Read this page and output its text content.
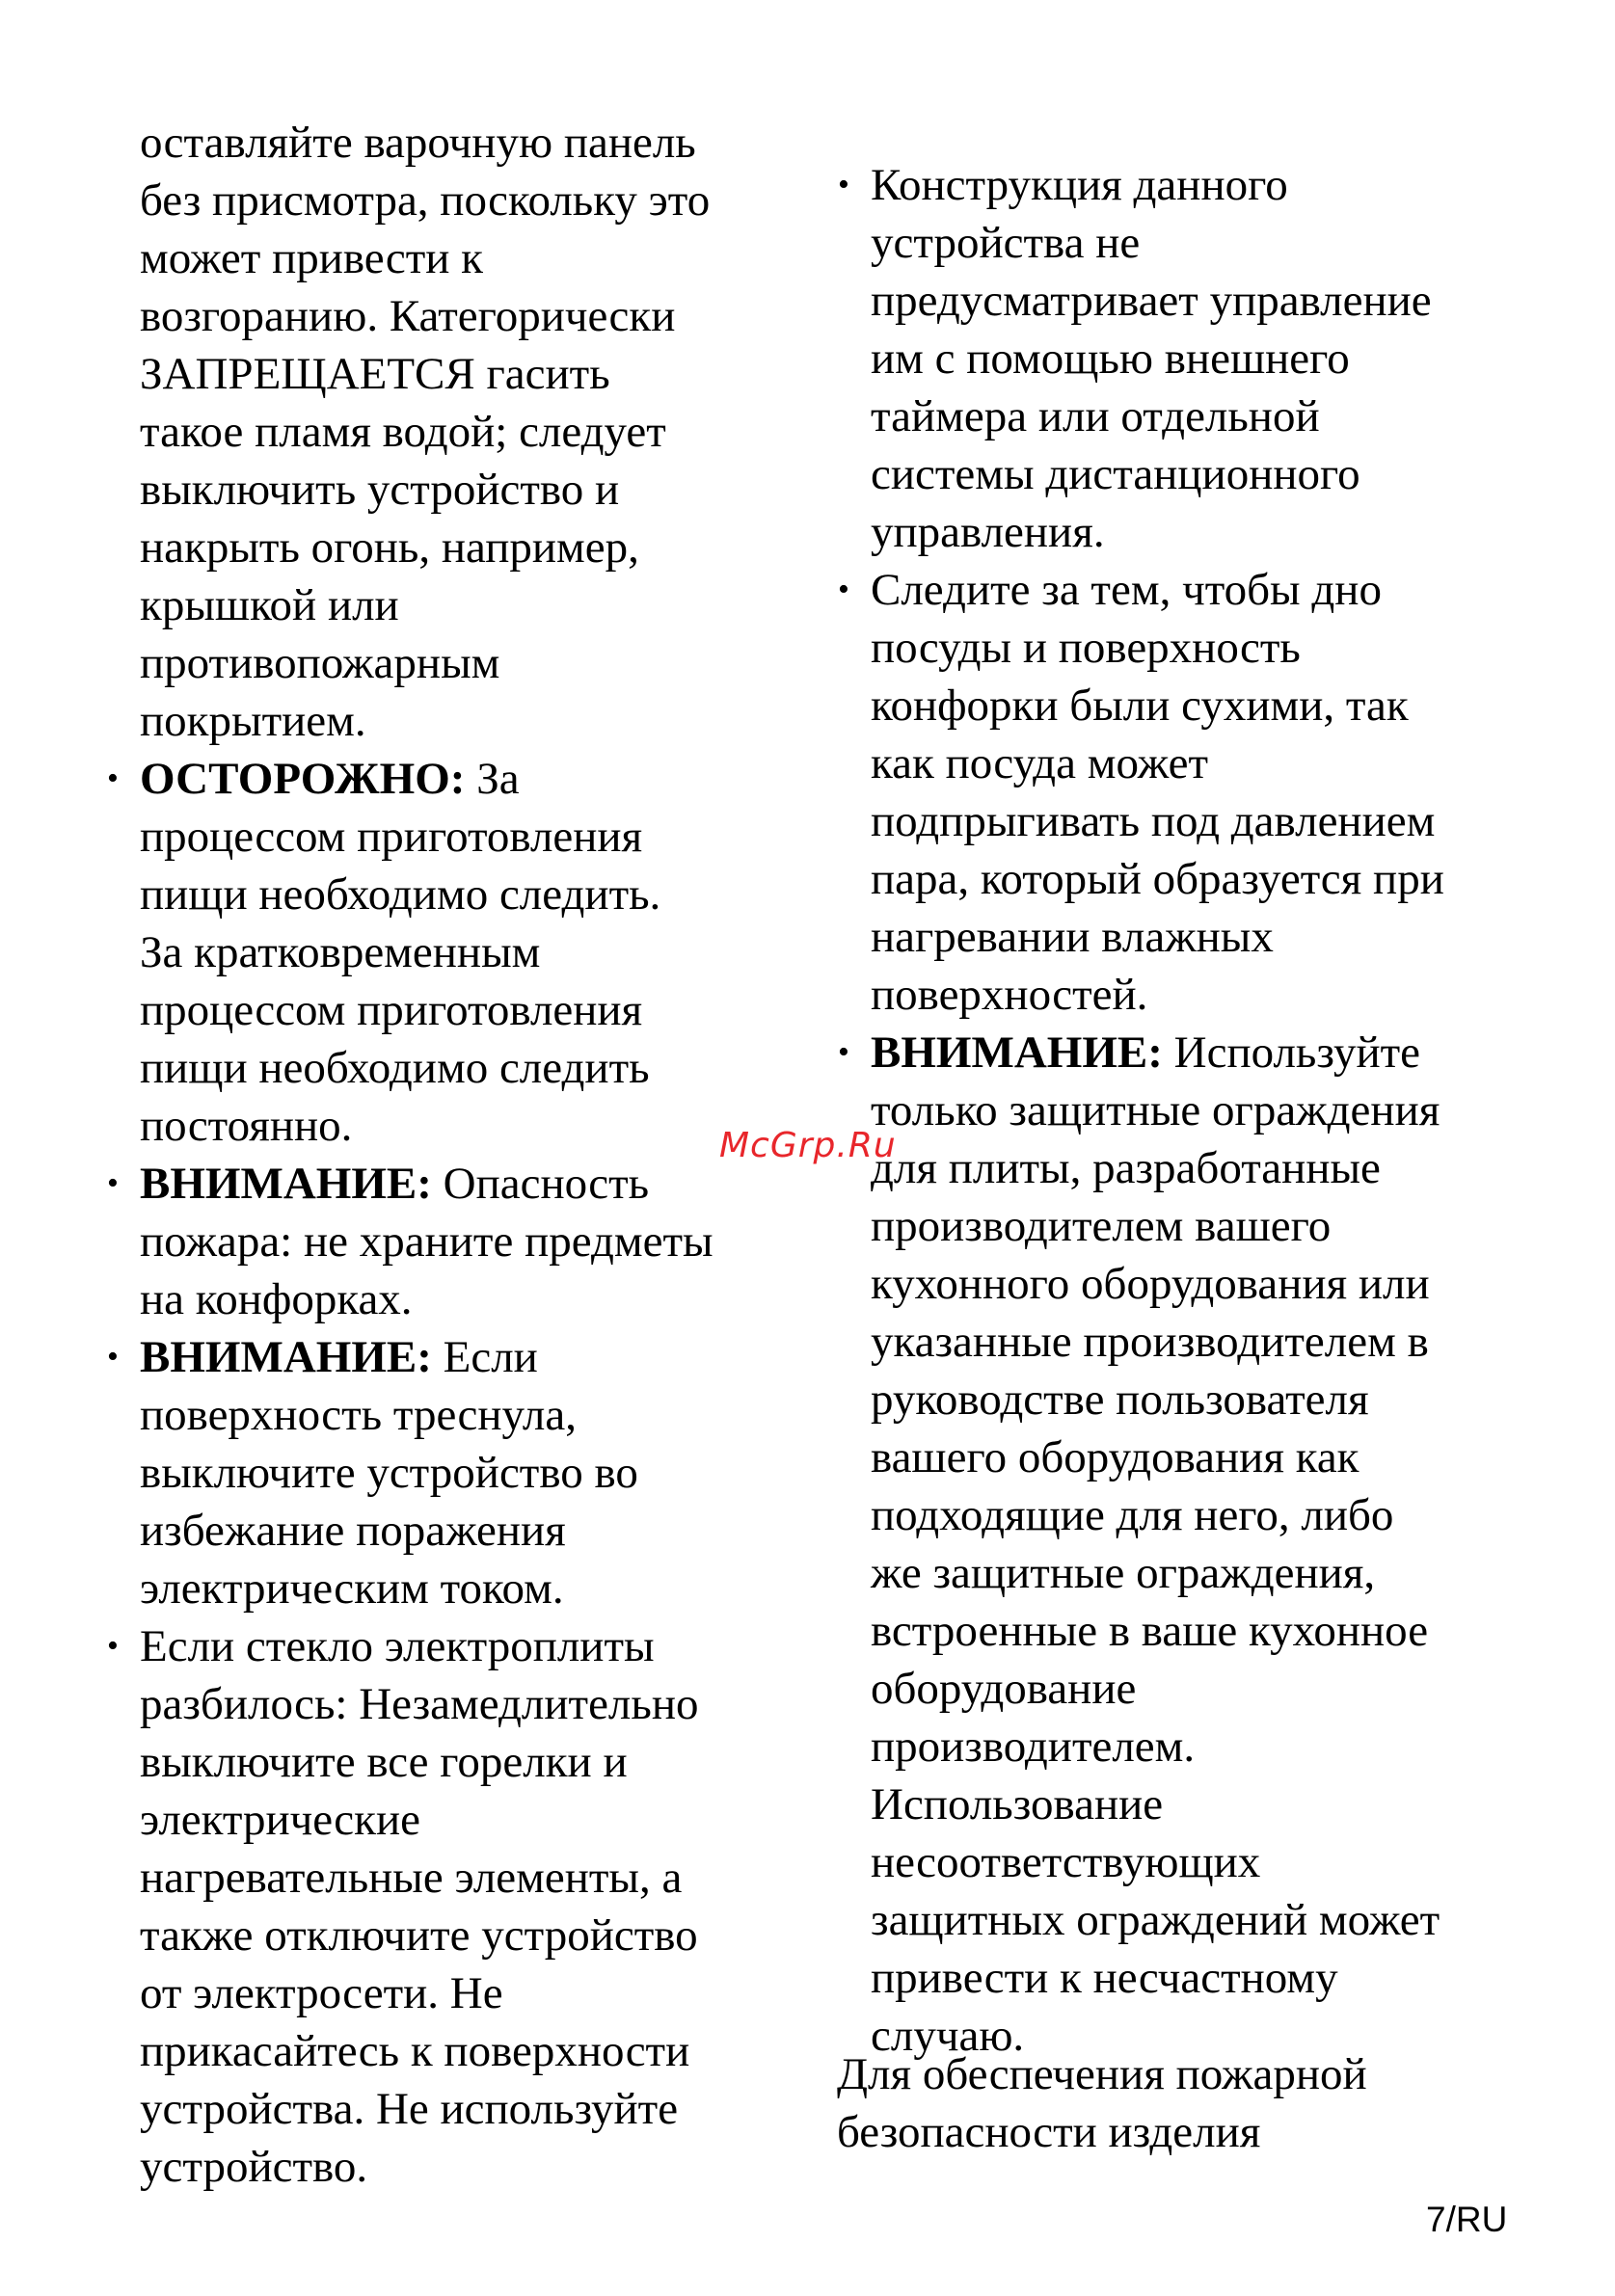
оставляйте варочную панель
без присмотра, поскольку это
может привести к
возгоранию. Категорически
ЗАПРЕЩАЕТСЯ гасить
такое пламя водой; следует
выключить устройство и
накрыть огонь, например,
крышкой или
противопожарным
покрытием.

• ОСТОРОЖНО: За
процессом приготовления
пищи необходимо следить.
За кратковременным
процессом приготовления
пищи необходимо следить
постоянно.
• ВНИМАНИЕ: Опасность
пожара: не храните предметы
на конфорках.
• ВНИМАНИЕ: Если
поверхность треснула,
выключите устройство во
избежание поражения
электрическим током.
• Если стекло электроплиты
разбилось: Незамедлительно
выключите все горелки и
электрические
нагревательные элементы, а
также отключите устройство
от электросети. Не
прикасайтесь к поверхности
устройства. Не используйте
устройство.
• Конструкция данного
устройства не
предусматривает управление
им с помощью внешнего
таймера или отдельной
системы дистанционного
управления.
• Следите за тем, чтобы дно
посуды и поверхность
конфорки были сухими, так
как посуда может
подпрыгивать под давлением
пара, который образуется при
нагревании влажных
поверхностей.
• ВНИМАНИЕ: Используйте
только защитные ограждения
для плиты, разработанные
производителем вашего
кухонного оборудования или
указанные производителем в
руководстве пользователя
вашего оборудования как
подходящие для него, либо
же защитные ограждения,
встроенные в ваше кухонное
оборудование
производителем.
Использование
несоответствующих
защитных ограждений может
привести к несчастному
случаю.
Для обеспечения пожарной
безопасности изделия
McGrp.Ru
7/RU
